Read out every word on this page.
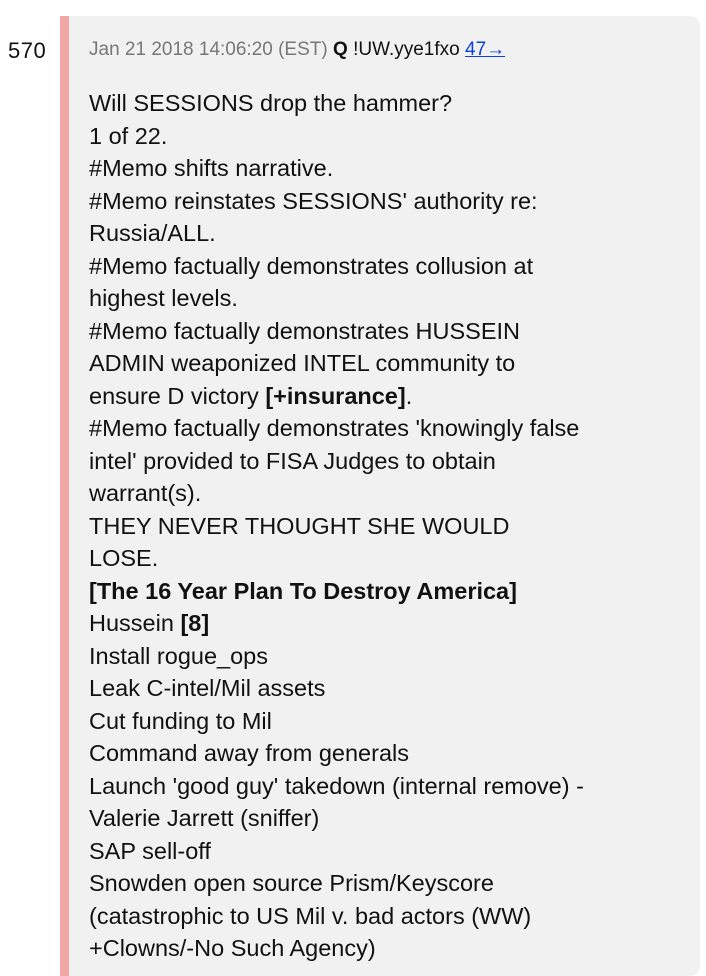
570 Jan 21 2018 14:06:20 (EST) Q !UW.yye1fxo 47→
Will SESSIONS drop the hammer?
1 of 22.
#Memo shifts narrative.
#Memo reinstates SESSIONS' authority re:
Russia/ALL.
#Memo factually demonstrates collusion at
highest levels.
#Memo factually demonstrates HUSSEIN
ADMIN weaponized INTEL community to
ensure D victory [+insurance].
#Memo factually demonstrates 'knowingly false
intel' provided to FISA Judges to obtain
warrant(s).
THEY NEVER THOUGHT SHE WOULD
LOSE.
[The 16 Year Plan To Destroy America]
Hussein [8]
Install rogue_ops
Leak C-intel/Mil assets
Cut funding to Mil
Command away from generals
Launch 'good guy' takedown (internal remove) -
Valerie Jarrett (sniffer)
SAP sell-off
Snowden open source Prism/Keyscore
(catastrophic to US Mil v. bad actors (WW)
+Clowns/-No Such Agency)
